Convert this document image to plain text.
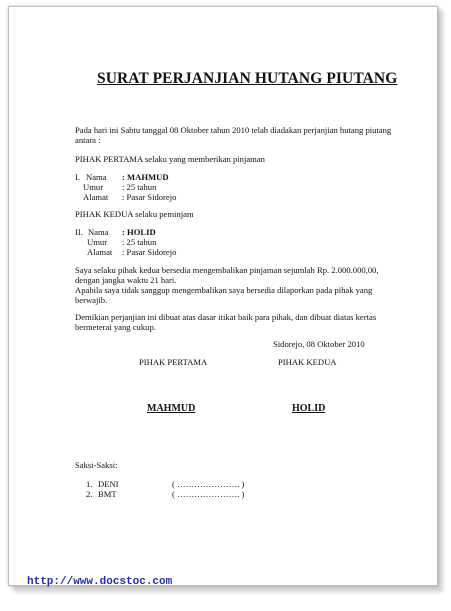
SURAT PERJANJIAN HUTANG PIUTANG
Pada hari ini Sabtu tanggal 08 Oktober tahun 2010 telah diadakan perjanjian hutang piutang
antara :
PIHAK PERTAMA selaku yang memberikan pinjaman
I. Nama : MAHMUD
Umur : 25 tahun
Alamat : Pasar Sidorejo
PIHAK KEDUA selaku peminjam
II. Nama : HOLID
Umur : 25 tahun
Alamat : Pasar Sidorejo
Saya selaku pihak kedua bersedia mengembalikan pinjaman sejumlah Rp. 2.000.000,00,
dengan jangka waktu 21 hari.
Apabila saya tidak sanggup mengembalikan saya bersedia dilaporkan pada pihak yang
berwajib.
Demikian perjanjian ini dibuat atas dasar itikat baik para pihak, dan dibuat diatas kertas
bermeterai yang cukup.
Sidorejo, 08 Oktober 2010
PIHAK PERTAMA	PIHAK KEDUA
MAHMUD	HOLID
Saksi-Saksi:
1. DENI	( …………………. )
2. BMT	( …………………. )
http://www.docstoc.com
